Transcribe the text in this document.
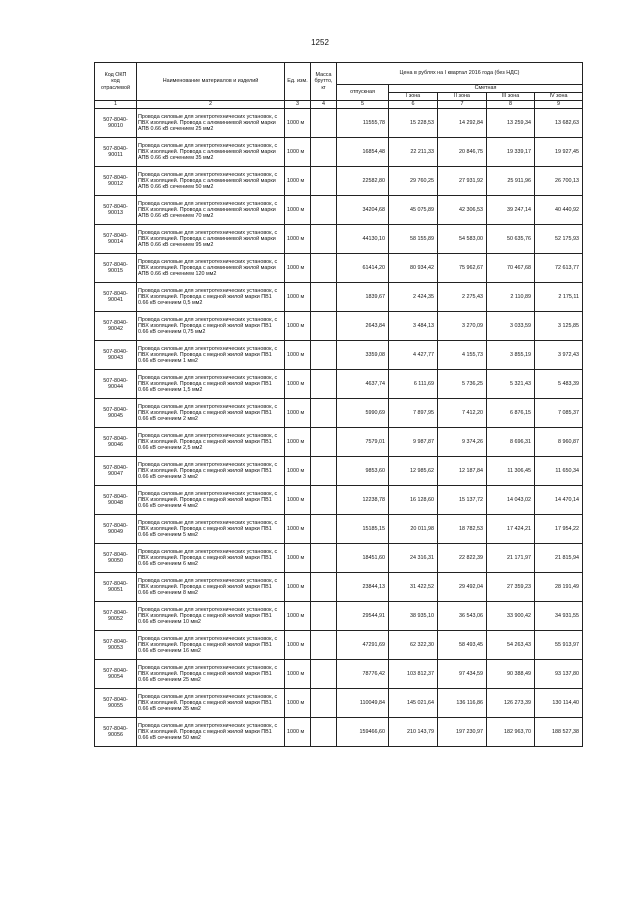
1252
Код ОКП
код отраслевой	Наименование материалов и изделий	Ед. изм.	Масса брутто, кг	Цена в рублях на I квартал 2016 года (без НДС)				
				отпускная	Сметная			
					I зона	II зона	III зона	IV зона
1	2	3	4	5	6	7	8	9
507-8040-90010	Провода силовые для электротехнических установок, с ПВХ изоляцией. Провода с алюминиевой жилой марки АПВ 0.66 кВ сечением 25 мм2	1000 м		11555,78	15 228,53	14 292,84	13 259,34	13 682,63
507-8040-90011	Провода силовые для электротехнических установок, с ПВХ изоляцией. Провода с алюминиевой жилой марки АПВ 0.66 кВ сечением 35 мм2	1000 м		16854,48	22 211,33	20 846,75	19 339,17	19 927,45
507-8040-90012	Провода силовые для электротехнических установок, с ПВХ изоляцией. Провода с алюминиевой жилой марки АПВ 0.66 кВ сечением 50 мм2	1000 м		22582,80	29 760,25	27 931,92	25 911,96	26 700,13
507-8040-90013	Провода силовые для электротехнических установок, с ПВХ изоляцией. Провода с алюминиевой жилой марки АПВ 0.66 кВ сечением 70 мм2	1000 м		34204,68	45 075,89	42 306,53	39 247,14	40 440,92
507-8040-90014	Провода силовые для электротехнических установок, с ПВХ изоляцией. Провода с алюминиевой жилой марки АПВ 0.66 кВ сечением 95 мм2	1000 м		44130,10	58 155,89	54 583,00	50 635,76	52 175,93
507-8040-90015	Провода силовые для электротехнических установок, с ПВХ изоляцией. Провода с алюминиевой жилой марки АПВ 0.66 кВ сечением 120 мм2	1000 м		61414,20	80 934,42	75 962,67	70 467,68	72 613,77
507-8040-90041	Провода силовые для электротехнических установок, с ПВХ изоляцией. Провода с медной жилой марки ПВ1 0.66 кВ сечением 0,5 мм2	1000 м		1839,67	2 424,35	2 275,43	2 110,89	2 175,11
507-8040-90042	Провода силовые для электротехнических установок, с ПВХ изоляцией. Провода с медной жилой марки ПВ1 0.66 кВ сечением 0,75 мм2	1000 м		2643,84	3 484,13	3 270,09	3 033,59	3 125,85
507-8040-90043	Провода силовые для электротехнических установок, с ПВХ изоляцией. Провода с медной жилой марки ПВ1 0.66 кВ сечением 1 мм2	1000 м		3359,08	4 427,77	4 155,73	3 855,19	3 972,43
507-8040-90044	Провода силовые для электротехнических установок, с ПВХ изоляцией. Провода с медной жилой марки ПВ1 0.66 кВ сечением 1,5 мм2	1000 м		4637,74	6 111,69	5 736,25	5 321,43	5 483,39
507-8040-90045	Провода силовые для электротехнических установок, с ПВХ изоляцией. Провода с медной жилой марки ПВ1 0.66 кВ сечением 2 мм2	1000 м		5990,69	7 897,95	7 412,20	6 876,15	7 085,37
507-8040-90046	Провода силовые для электротехнических установок, с ПВХ изоляцией. Провода с медной жилой марки ПВ1 0.66 кВ сечением 2,5 мм2	1000 м		7579,01	9 987,87	9 374,26	8 696,31	8 960,87
507-8040-90047	Провода силовые для электротехнических установок, с ПВХ изоляцией. Провода с медной жилой марки ПВ1 0.66 кВ сечением 3 мм2	1000 м		9853,60	12 985,62	12 187,84	11 306,45	11 650,34
507-8040-90048	Провода силовые для электротехнических установок, с ПВХ изоляцией. Провода с медной жилой марки ПВ1 0.66 кВ сечением 4 мм2	1000 м		12238,78	16 128,60	15 137,72	14 043,02	14 470,14
507-8040-90049	Провода силовые для электротехнических установок, с ПВХ изоляцией. Провода с медной жилой марки ПВ1 0.66 кВ сечением 5 мм2	1000 м		15185,15	20 011,98	18 782,53	17 424,21	17 954,22
507-8040-90050	Провода силовые для электротехнических установок, с ПВХ изоляцией. Провода с медной жилой марки ПВ1 0.66 кВ сечением 6 мм2	1000 м		18451,60	24 316,31	22 822,39	21 171,97	21 815,94
507-8040-90051	Провода силовые для электротехнических установок, с ПВХ изоляцией. Провода с медной жилой марки ПВ1 0.66 кВ сечением 8 мм2	1000 м		23844,13	31 422,52	29 492,04	27 359,23	28 191,49
507-8040-90052	Провода силовые для электротехнических установок, с ПВХ изоляцией. Провода с медной жилой марки ПВ1 0.66 кВ сечением 10 мм2	1000 м		29544,91	38 935,10	36 543,06	33 900,42	34 931,55
507-8040-90053	Провода силовые для электротехнических установок, с ПВХ изоляцией. Провода с медной жилой марки ПВ1 0.66 кВ сечением 16 мм2	1000 м		47291,69	62 322,30	58 493,45	54 263,43	55 913,97
507-8040-90054	Провода силовые для электротехнических установок, с ПВХ изоляцией. Провода с медной жилой марки ПВ1 0.66 кВ сечением 25 мм2	1000 м		78776,42	103 812,37	97 434,59	90 388,49	93 137,80
507-8040-90055	Провода силовые для электротехнических установок, с ПВХ изоляцией. Провода с медной жилой марки ПВ1 0.66 кВ сечением 35 мм2	1000 м		110049,84	145 021,64	136 116,86	126 273,39	130 114,40
507-8040-90056	Провода силовые для электротехнических установок, с ПВХ изоляцией. Провода с медной жилой марки ПВ1 0.66 кВ сечением 50 мм2	1000 м		159466,60	210 143,79	197 230,97	182 963,70	188 527,38
